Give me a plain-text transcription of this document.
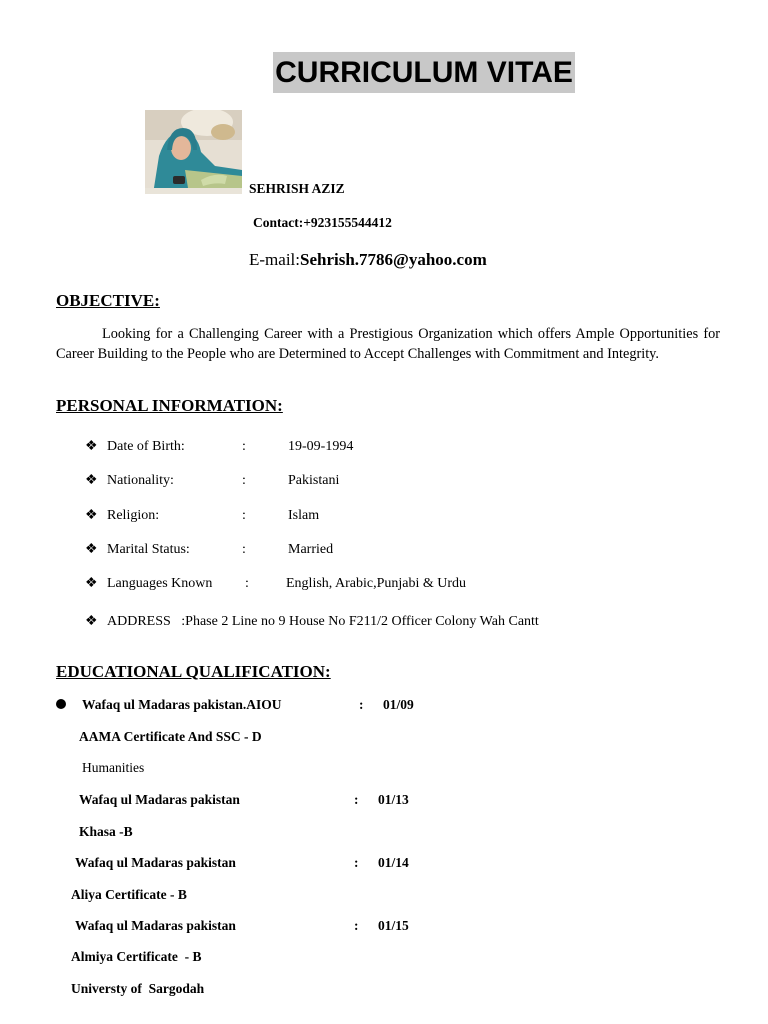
CURRICULUM VITAE
SEHRISH AZIZ
Contact:+923155544412
E-mail:Sehrish.7786@yahoo.com
OBJECTIVE:
Looking for a Challenging Career with a Prestigious Organization which offers Ample Opportunities for Career Building to the People who are Determined to Accept Challenges with Commitment and Integrity.
PERSONAL INFORMATION:
❖ Date of Birth:	:	19-09-1994
❖ Nationality:	:	Pakistani
❖ Religion:	:	Islam
❖ Marital Status:	:	Married
❖ Languages Known :	English, Arabic,Punjabi & Urdu
❖ ADDRESS   :Phase 2 Line no 9 House No F211/2 Officer Colony Wah Cantt
EDUCATIONAL QUALIFICATION:
Wafaq ul Madaras pakistan.AIOU	: 01/09
AAMA Certificate And SSC - D
Humanities
Wafaq ul Madaras pakistan	: 01/13
Khasa -B
Wafaq ul Madaras pakistan	: 01/14
Aliya Certificate - B
Wafaq ul Madaras pakistan	: 01/15
Almiya Certificate  - B
Universty of  Sargodah
